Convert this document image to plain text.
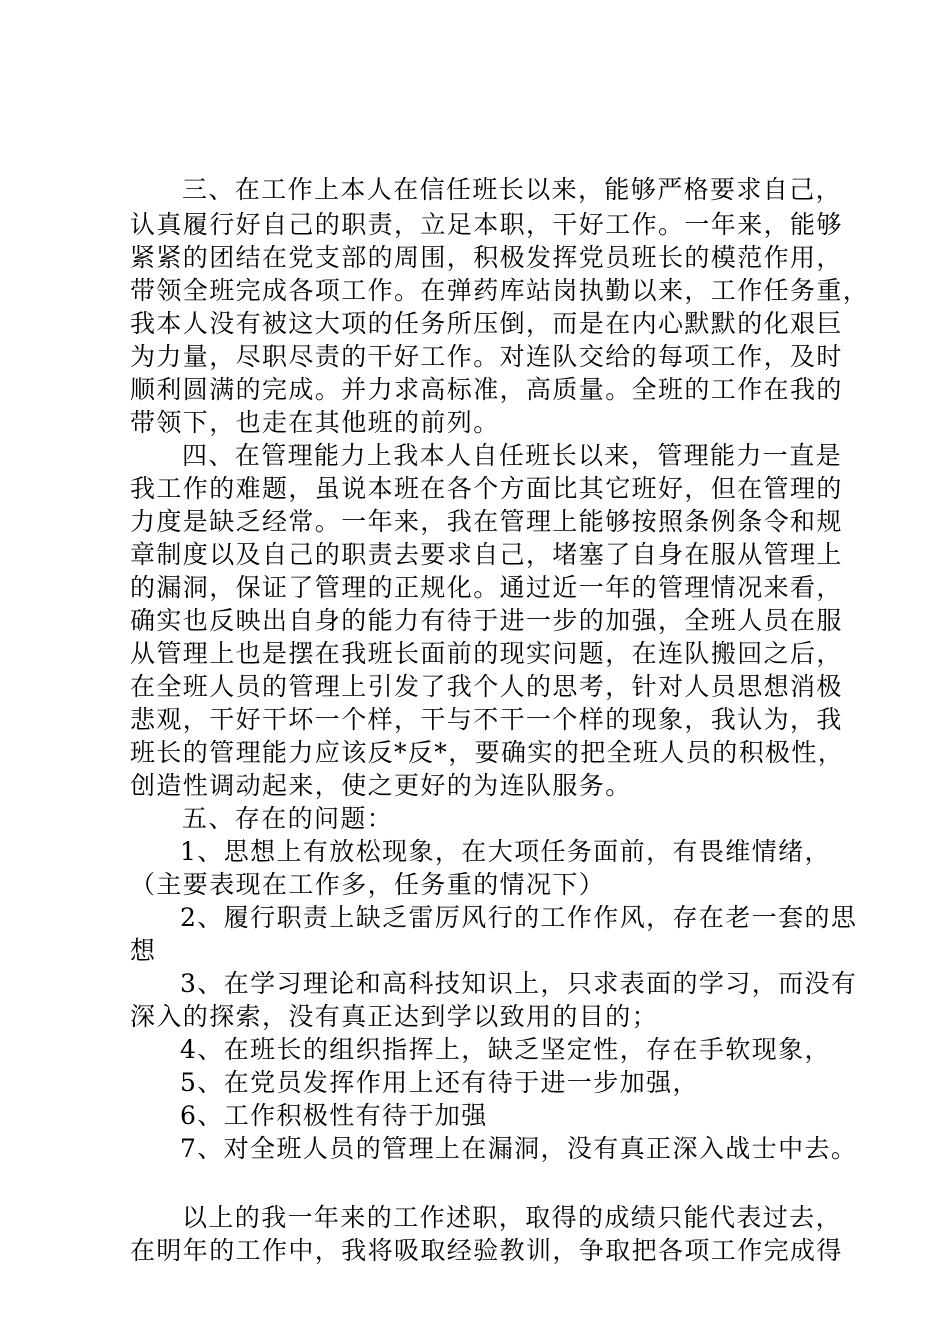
三、在工作上本人在信任班长以来，能够严格要求自己，

认真履行好自己的职责，立足本职，干好工作。一年来，能够

紧紧的团结在党支部的周围，积极发挥党员班长的模范作用，

带领全班完成各项工作。在弹药库站岗执勤以来，工作任务重，

我本人没有被这大项的任务所压倒，而是在内心默默的化艰巨

为力量，尽职尽责的干好工作。对连队交给的每项工作，及时

顺利圆满的完成。并力求高标准，高质量。全班的工作在我的

带领下，也走在其他班的前列。

四、在管理能力上我本人自任班长以来，管理能力一直是

我工作的难题，虽说本班在各个方面比其它班好，但在管理的

力度是缺乏经常。一年来，我在管理上能够按照条例条令和规

章制度以及自己的职责去要求自己，堵塞了自身在服从管理上

的漏洞，保证了管理的正规化。通过近一年的管理情况来看，

确实也反映出自身的能力有待于进一步的加强，全班人员在服

从管理上也是摆在我班长面前的现实问题，在连队搬回之后，

在全班人员的管理上引发了我个人的思考，针对人员思想消极

悲观，干好干坏一个样，干与不干一个样的现象，我认为，我

班长的管理能力应该反*反*，要确实的把全班人员的积极性，

创造性调动起来，使之更好的为连队服务。

五、存在的问题：

1、思想上有放松现象，在大项任务面前，有畏维情绪，

（主要表现在工作多，任务重的情况下）

2、履行职责上缺乏雷厉风行的工作作风，存在老一套的思

想

3、在学习理论和高科技知识上，只求表面的学习，而没有

深入的探索，没有真正达到学以致用的目的；

4、在班长的组织指挥上，缺乏坚定性，存在手软现象，

5、在党员发挥作用上还有待于进一步加强，

6、工作积极性有待于加强

7、对全班人员的管理上在漏洞，没有真正深入战士中去。

以上的我一年来的工作述职，取得的成绩只能代表过去，

在明年的工作中，我将吸取经验教训，争取把各项工作完成得
